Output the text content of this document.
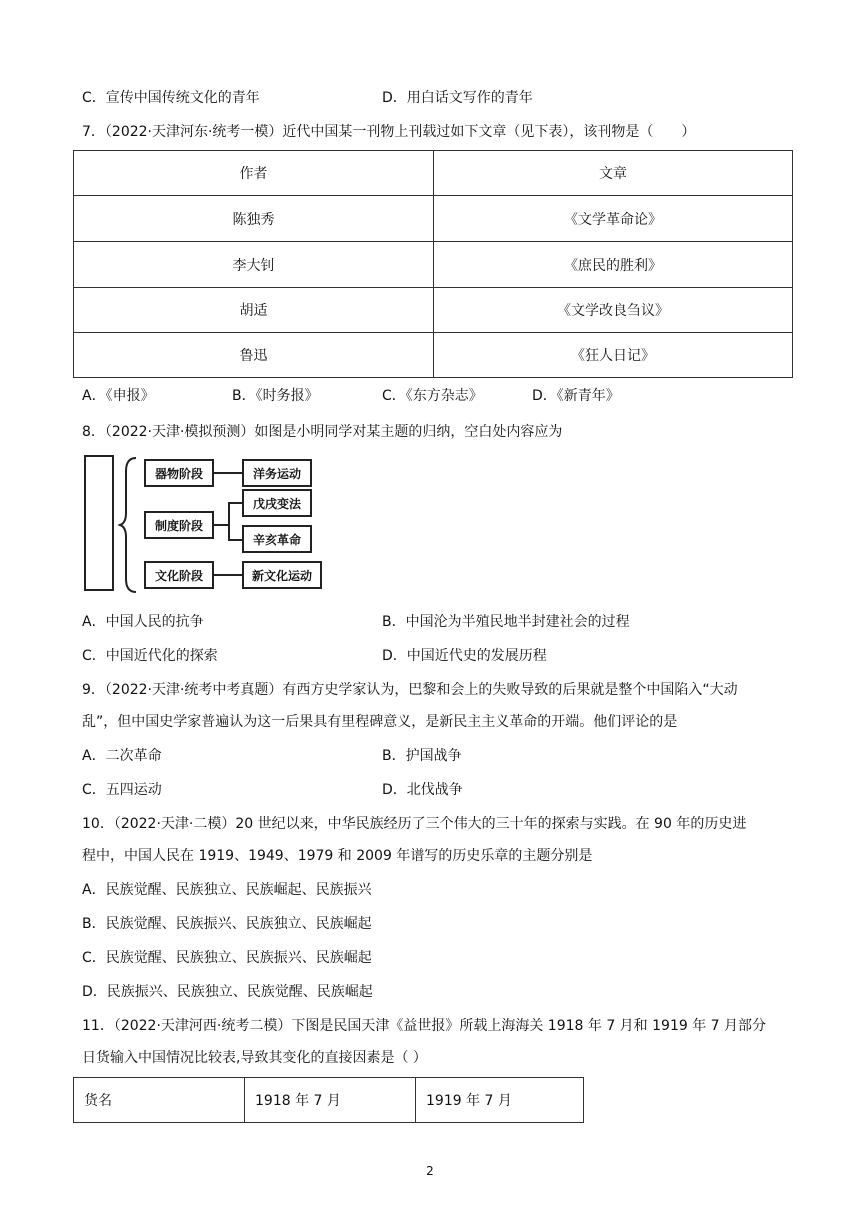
C．宣传中国传统文化的青年	D．用白话文写作的青年
7．（2022·天津河东·统考一模）近代中国某一刊物上刊载过如下文章（见下表），该刊物是（　　）
作者	文章
陈独秀	《文学革命论》
李大钊	《庶民的胜利》
胡适	《文学改良刍议》
鲁迅	《狂人日记》
A．《申报》	B．《时务报》	C．《东方杂志》	D．《新青年》
8．（2022·天津·模拟预测）如图是小明同学对某主题的归纳，空白处内容应为
器物阶段
制度阶段
文化阶段
洋务运动
戊戌变法
辛亥革命
新文化运动
A．中国人民的抗争	B．中国沦为半殖民地半封建社会的过程
C．中国近代化的探索	D．中国近代史的发展历程
9．（2022·天津·统考中考真题）有西方史学家认为，巴黎和会上的失败导致的后果就是整个中国陷入“大动
乱”，但中国史学家普遍认为这一后果具有里程碑意义，是新民主主义革命的开端。他们评论的是
A．二次革命	B．护国战争
C．五四运动	D．北伐战争
10．（2022·天津·二模）20 世纪以来，中华民族经历了三个伟大的三十年的探索与实践。在 90 年的历史进
程中，中国人民在 1919、1949、1979 和 2009 年谱写的历史乐章的主题分别是
A．民族觉醒、民族独立、民族崛起、民族振兴
B．民族觉醒、民族振兴、民族独立、民族崛起
C．民族觉醒、民族独立、民族振兴、民族崛起
D．民族振兴、民族独立、民族觉醒、民族崛起
11．（2022·天津河西·统考二模）下图是民国天津《益世报》所载上海海关 1918 年 7 月和 1919 年 7 月部分
日货输入中国情况比较表,导致其变化的直接因素是（ ）
货名	1918 年 7 月	1919 年 7 月
2
